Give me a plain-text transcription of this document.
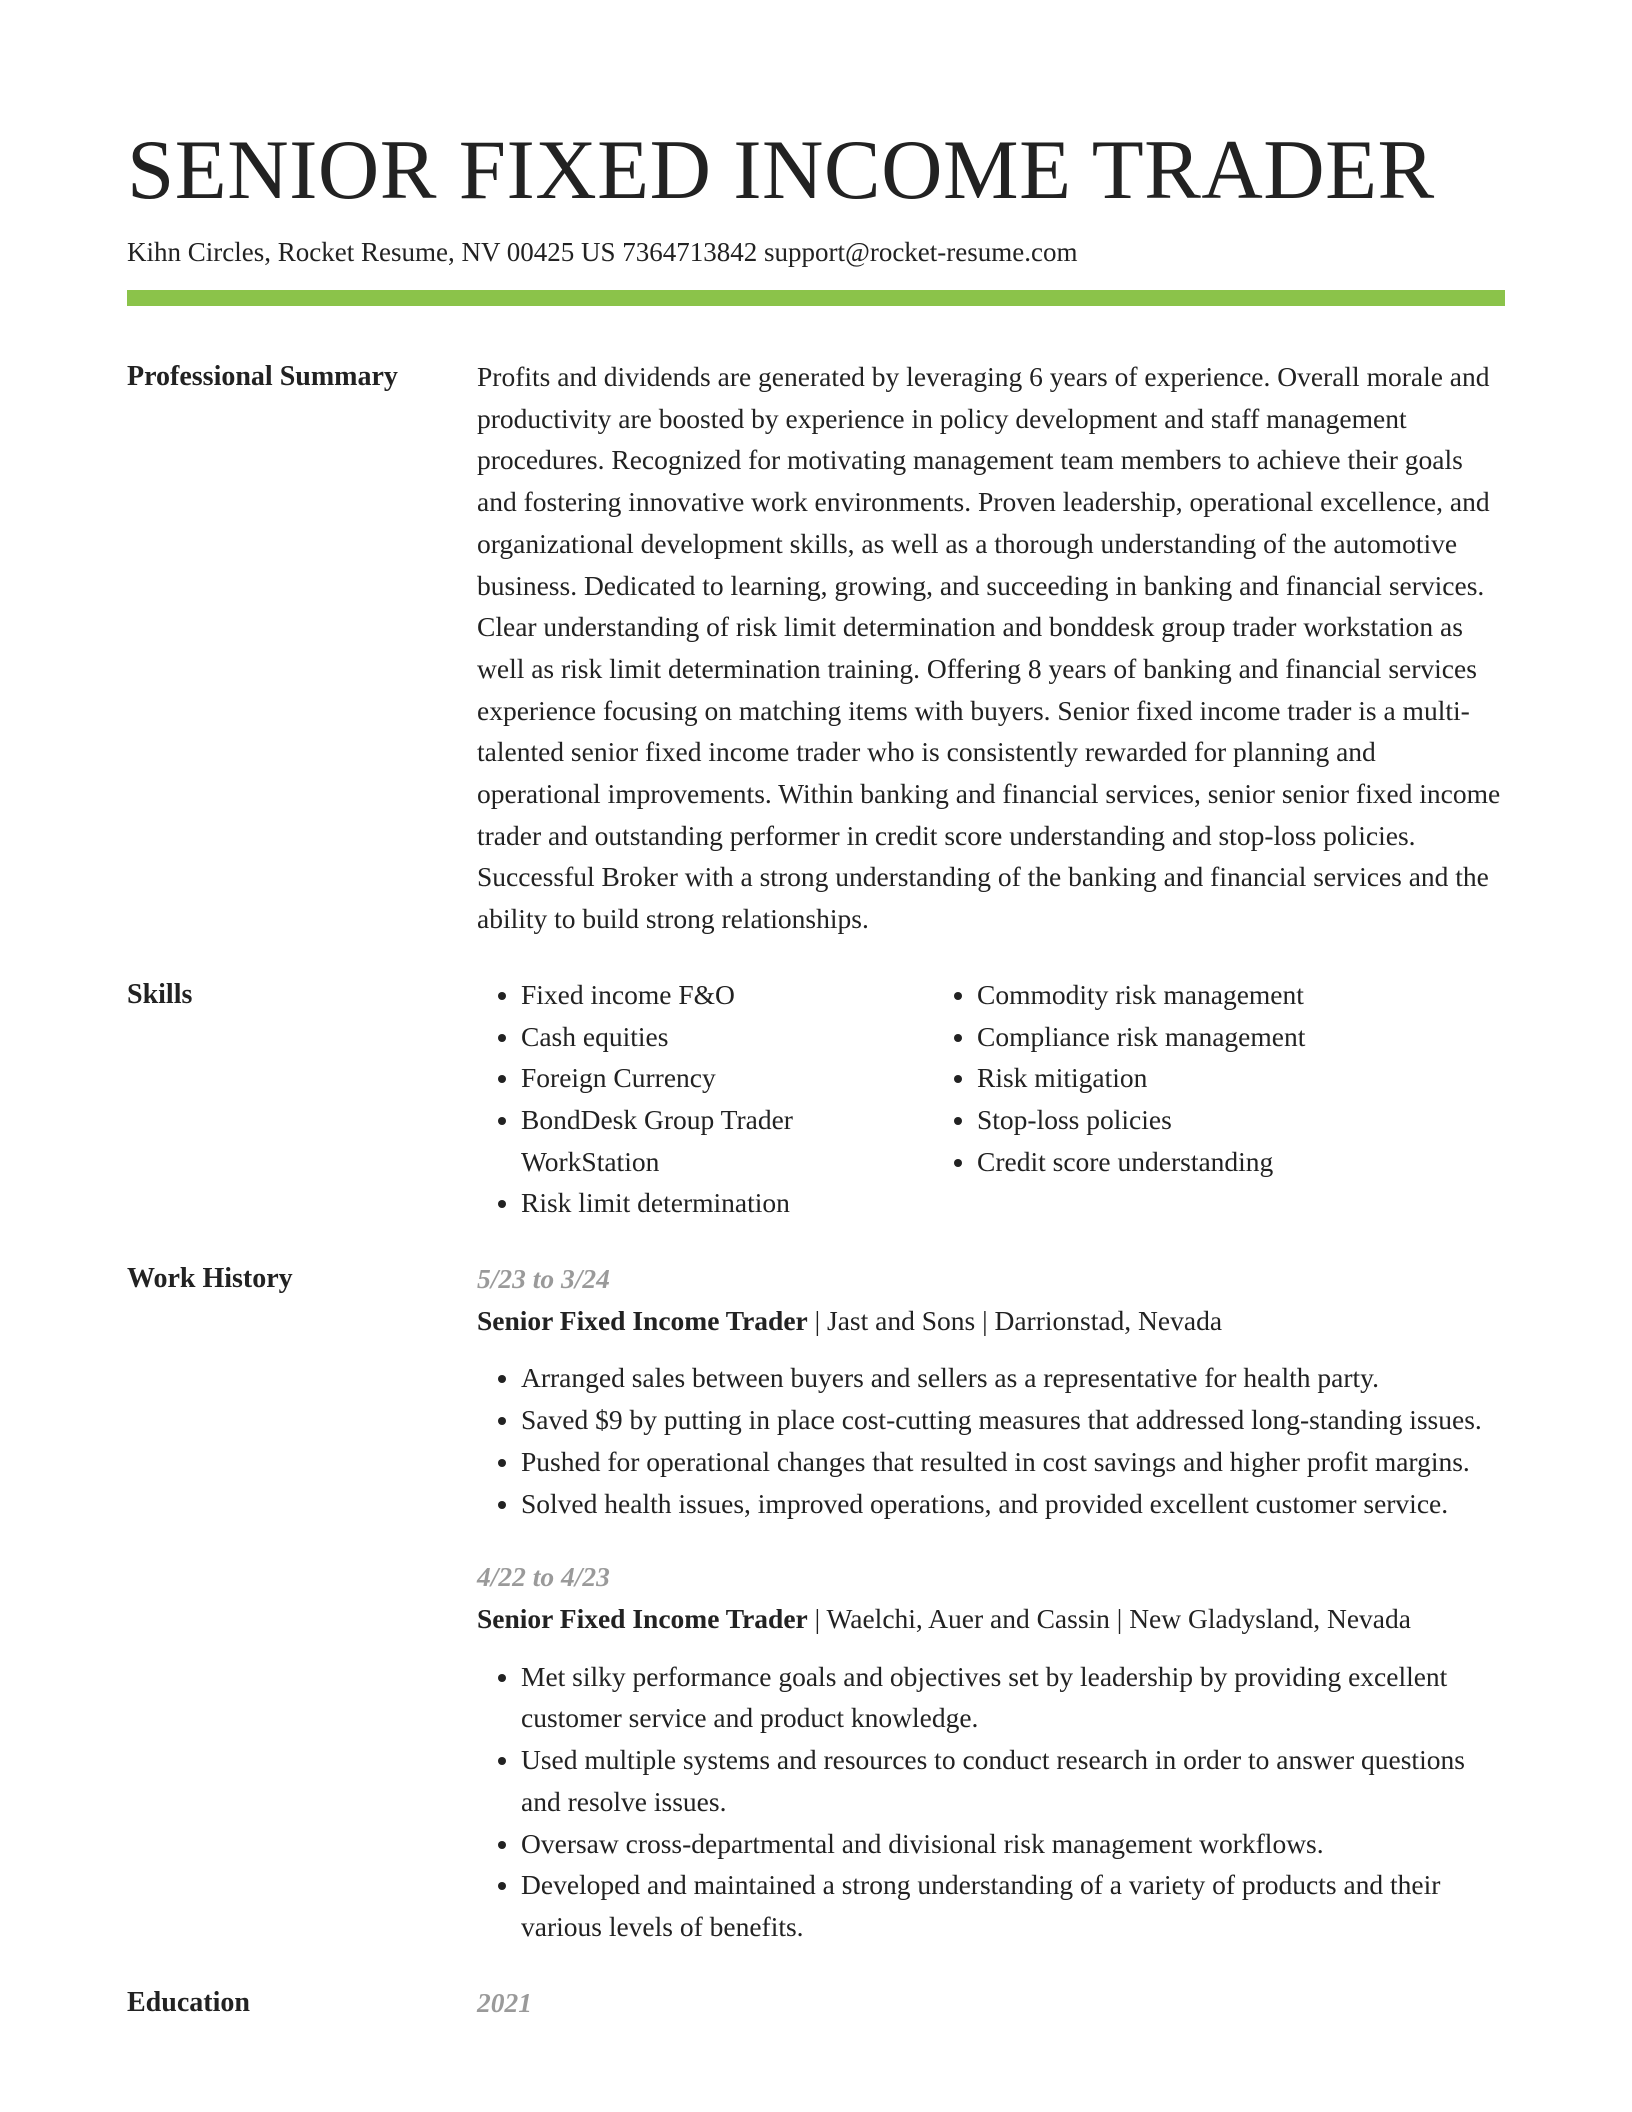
SENIOR FIXED INCOME TRADER
Kihn Circles, Rocket Resume, NV 00425 US 7364713842 support@rocket-resume.com
Professional Summary	Profits and dividends are generated by leveraging 6 years of experience. Overall morale and productivity are boosted by experience in policy development and staff management procedures. Recognized for motivating management team members to achieve their goals and fostering innovative work environments. Proven leadership, operational excellence, and organizational development skills, as well as a thorough understanding of the automotive business. Dedicated to learning, growing, and succeeding in banking and financial services. Clear understanding of risk limit determination and bonddesk group trader workstation as well as risk limit determination training. Offering 8 years of banking and financial services experience focusing on matching items with buyers. Senior fixed income trader is a multi-talented senior fixed income trader who is consistently rewarded for planning and operational improvements. Within banking and financial services, senior senior fixed income trader and outstanding performer in credit score understanding and stop-loss policies. Successful Broker with a strong understanding of the banking and financial services and the ability to build strong relationships.

Skills	• Fixed income F&O
• Cash equities
• Foreign Currency
• BondDesk Group Trader WorkStation
• Risk limit determination
• Commodity risk management
• Compliance risk management
• Risk mitigation
• Stop-loss policies
• Credit score understanding
Work History	5/23 to 3/24
Senior Fixed Income Trader | Jast and Sons | Darrionstad, Nevada
• Arranged sales between buyers and sellers as a representative for health party.
• Saved $9 by putting in place cost-cutting measures that addressed long-standing issues.
• Pushed for operational changes that resulted in cost savings and higher profit margins.
• Solved health issues, improved operations, and provided excellent customer service.
4/22 to 4/23
Senior Fixed Income Trader | Waelchi, Auer and Cassin | New Gladysland, Nevada
• Met silky performance goals and objectives set by leadership by providing excellent customer service and product knowledge.
• Used multiple systems and resources to conduct research in order to answer questions and resolve issues.
• Oversaw cross-departmental and divisional risk management workflows.
• Developed and maintained a strong understanding of a variety of products and their various levels of benefits.
Education	2021
